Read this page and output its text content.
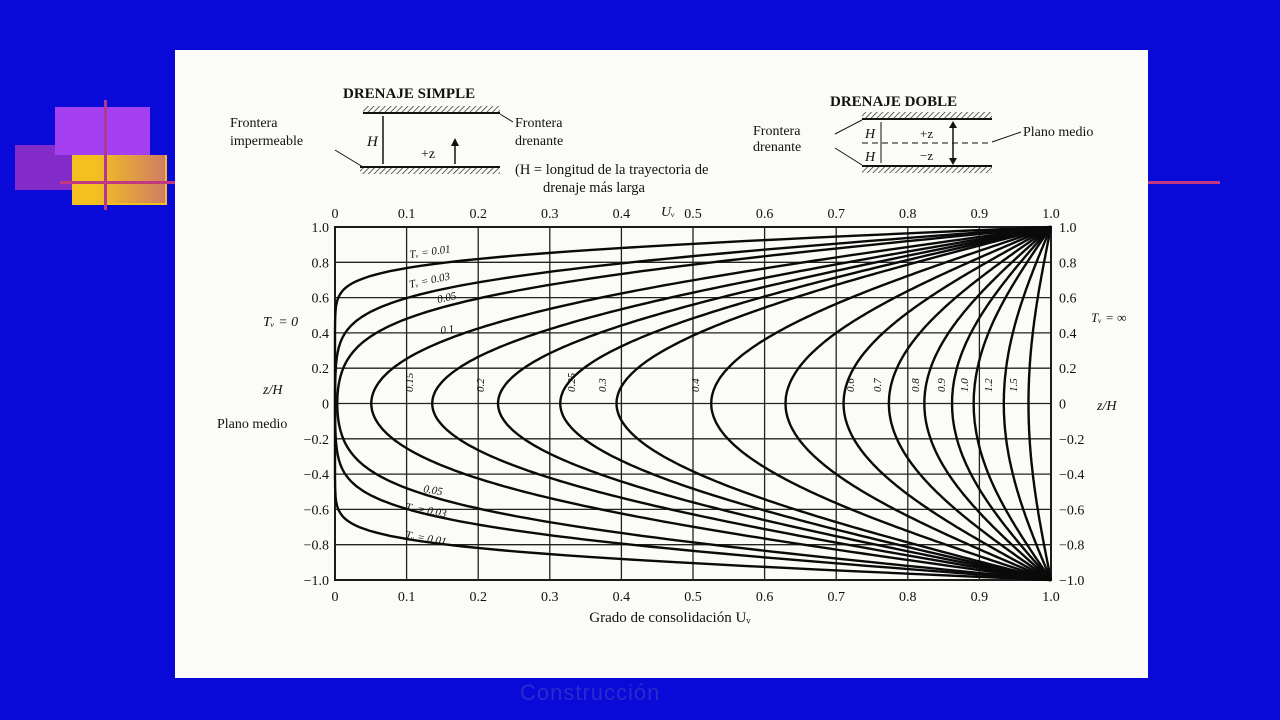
DRENAJE SIMPLE
H
+z
Frontera
impermeable
Frontera
drenante
(H = longitud de la trayectoria de
drenaje más larga
DRENAJE DOBLE
H
H
+z
−z
Frontera
drenante
Plano medio
0	0.1	0.2	0.3	0.4	0.5	0.6	0.7	0.8	0.9	1.0
0	0.1	0.2	0.3	0.4	0.5	0.6	0.7	0.8	0.9	1.0
1.0	1.0
0.8	0.8
0.6	0.6
0.4	0.4
0.2	0.2
0	0
−0.2	−0.2
−0.4	−0.4
−0.6	−0.6
−0.8	−0.8
−1.0	−1.0
Grado de consolidación Uᵥ
Uᵥ
z/H
z/H
Plano medio
Tᵥ = 0	Tᵥ = ∞
Tᵥ = 0.01
Tᵥ = 0.03
0.05
0.1
0.15	0.2	0.25 0.3	0.4	0.6 0.7 0.8 0.9 1.0 1.2 1.5
0.05
Tᵥ = 0.03
Tᵥ = 0.01
Construcción
